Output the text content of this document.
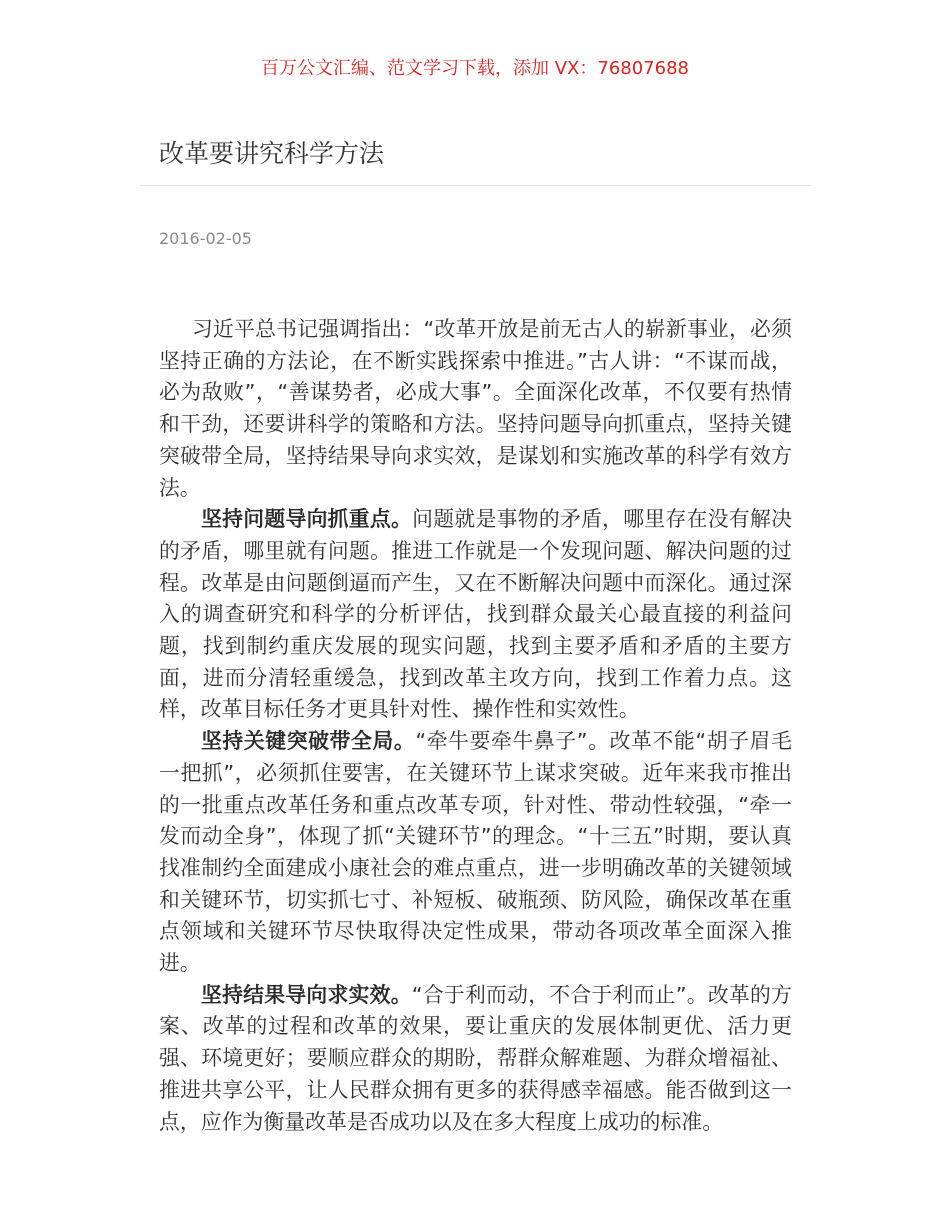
百万公文汇编、范文学习下载，添加 VX：76807688
改革要讲究科学方法
2016-02-05

习近平总书记强调指出：“改革开放是前无古人的崭新事业，必须坚持正确的方法论，在不断实践探索中推进。”古人讲：“不谋而战，必为敌败”，“善谋势者，必成大事”。全面深化改革，不仅要有热情和干劲，还要讲科学的策略和方法。坚持问题导向抓重点，坚持关键突破带全局，坚持结果导向求实效，是谋划和实施改革的科学有效方法。

坚持问题导向抓重点。问题就是事物的矛盾，哪里存在没有解决的矛盾，哪里就有问题。推进工作就是一个发现问题、解决问题的过程。改革是由问题倒逼而产生，又在不断解决问题中而深化。通过深入的调查研究和科学的分析评估，找到群众最关心最直接的利益问题，找到制约重庆发展的现实问题，找到主要矛盾和矛盾的主要方面，进而分清轻重缓急，找到改革主攻方向，找到工作着力点。这样，改革目标任务才更具针对性、操作性和实效性。

坚持关键突破带全局。“牵牛要牵牛鼻子”。改革不能“胡子眉毛一把抓”，必须抓住要害，在关键环节上谋求突破。近年来我市推出的一批重点改革任务和重点改革专项，针对性、带动性较强，“牵一发而动全身”，体现了抓“关键环节”的理念。“十三五”时期，要认真找准制约全面建成小康社会的难点重点，进一步明确改革的关键领域和关键环节，切实抓七寸、补短板、破瓶颈、防风险，确保改革在重点领域和关键环节尽快取得决定性成果，带动各项改革全面深入推进。

坚持结果导向求实效。“合于利而动，不合于利而止”。改革的方案、改革的过程和改革的效果，要让重庆的发展体制更优、活力更强、环境更好；要顺应群众的期盼，帮群众解难题、为群众增福祉、推进共享公平，让人民群众拥有更多的获得感幸福感。能否做到这一点，应作为衡量改革是否成功以及在多大程度上成功的标准。
